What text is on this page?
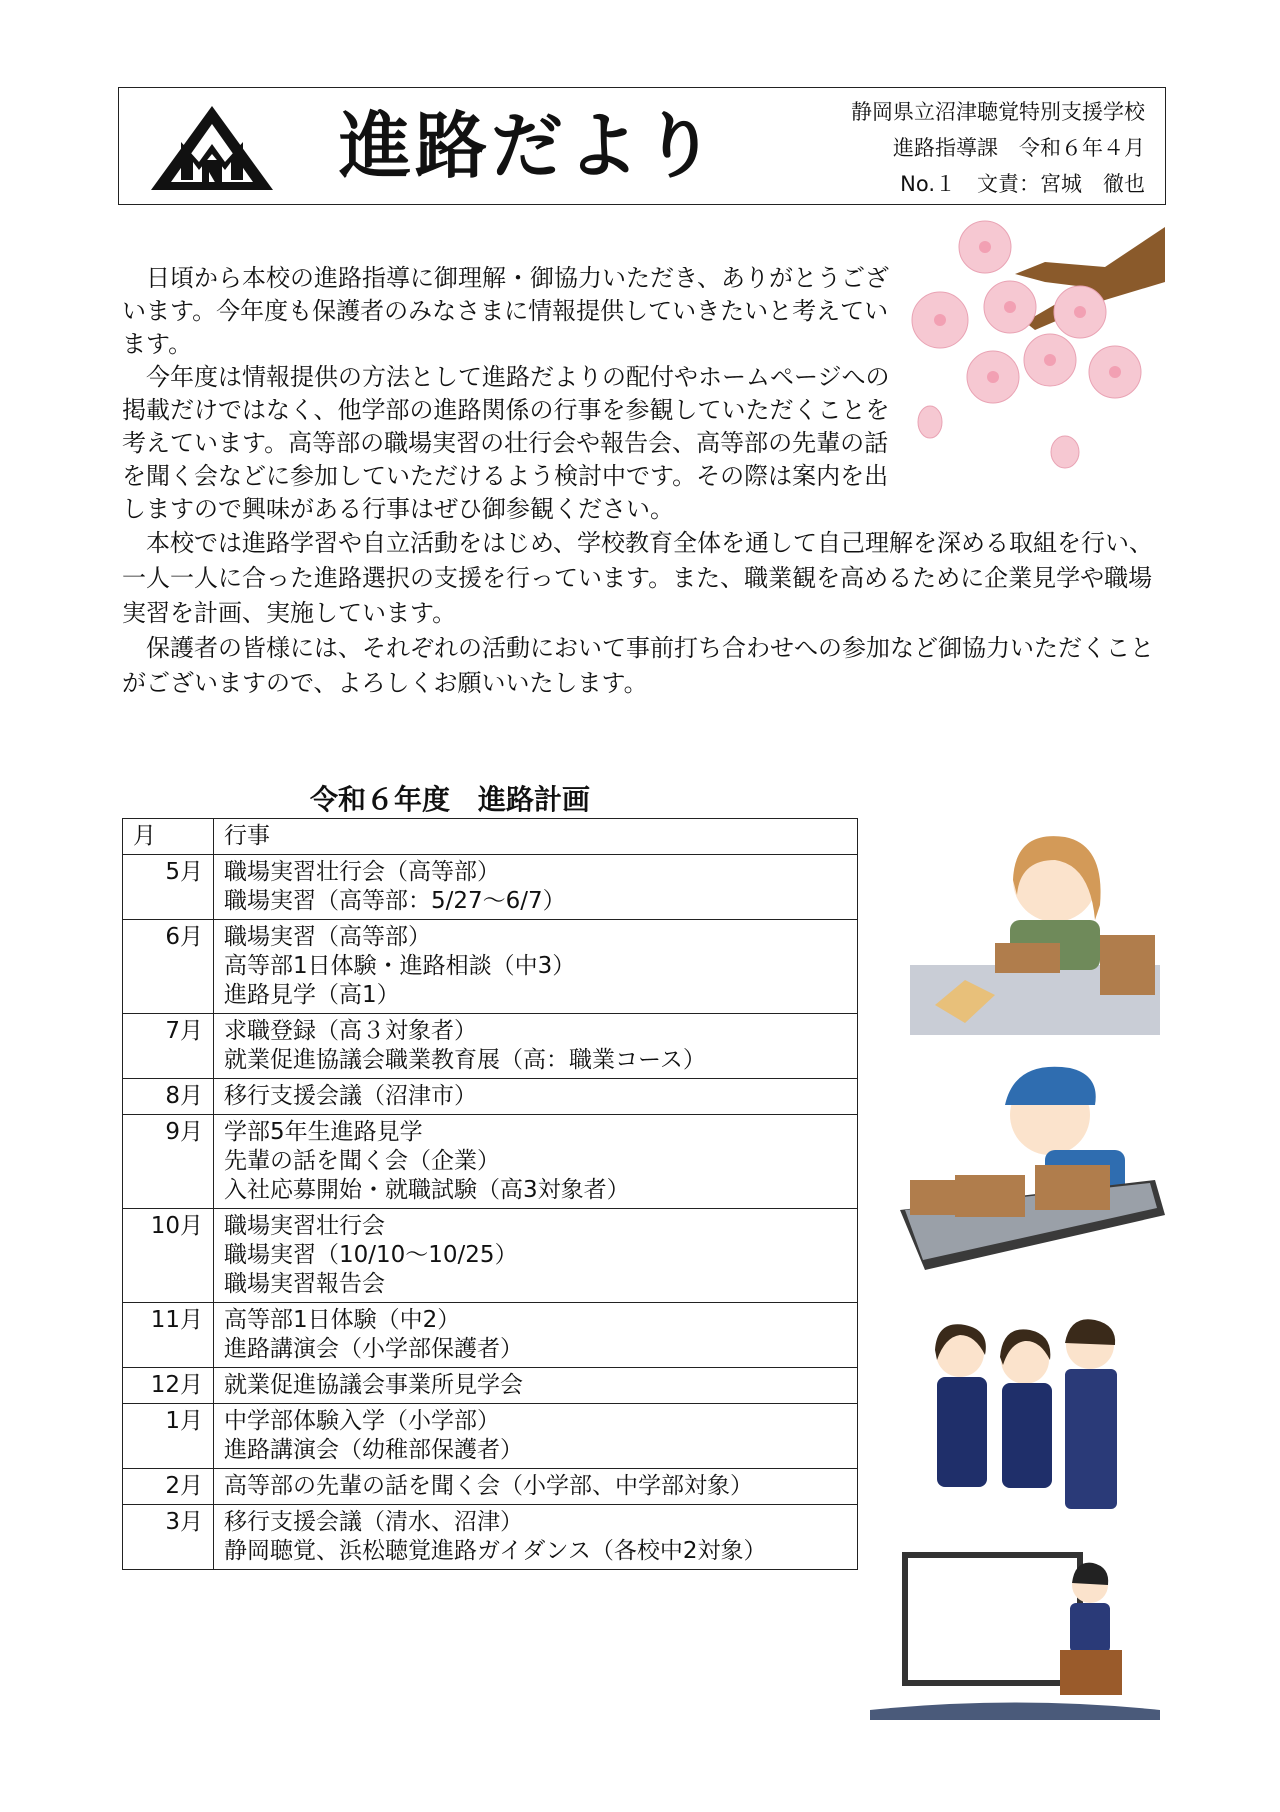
進路だより	静岡県立沼津聴覚特別支援学校
進路指導課　令和６年４月
No.１　文責：宮城　徹也

日頃から本校の進路指導に御理解・御協力いただき、ありがとうございます。今年度も保護者のみなさまに情報提供していきたいと考えています。

今年度は情報提供の方法として進路だよりの配付やホームページへの掲載だけではなく、他学部の進路関係の行事を参観していただくことを考えています。高等部の職場実習の壮行会や報告会、高等部の先輩の話を聞く会などに参加していただけるよう検討中です。その際は案内を出しますので興味がある行事はぜひ御参観ください。

本校では進路学習や自立活動をはじめ、学校教育全体を通して自己理解を深める取組を行い、一人一人に合った進路選択の支援を行っています。また、職業観を高めるために企業見学や職場実習を計画、実施しています。

保護者の皆様には、それぞれの活動において事前打ち合わせへの参加など御協力いただくことがございますので、よろしくお願いいたします。

令和６年度　進路計画
月	行事
5月	職場実習壮行会（高等部）
職場実習（高等部：5/27〜6/7）

6月	職場実習（高等部）
高等部1日体験・進路相談（中3）
進路見学（高1）

7月	求職登録（高３対象者）
就業促進協議会職業教育展（高：職業コース）

8月	移行支援会議（沼津市）

9月	学部5年生進路見学
先輩の話を聞く会（企業）
入社応募開始・就職試験（高3対象者）

10月	職場実習壮行会
職場実習（10/10〜10/25）
職場実習報告会

11月	高等部1日体験（中2）
進路講演会（小学部保護者）

12月	就業促進協議会事業所見学会

1月	中学部体験入学（小学部）
進路講演会（幼稚部保護者）

2月	高等部の先輩の話を聞く会（小学部、中学部対象）

3月	移行支援会議（清水、沼津）
静岡聴覚、浜松聴覚進路ガイダンス（各校中2対象）
